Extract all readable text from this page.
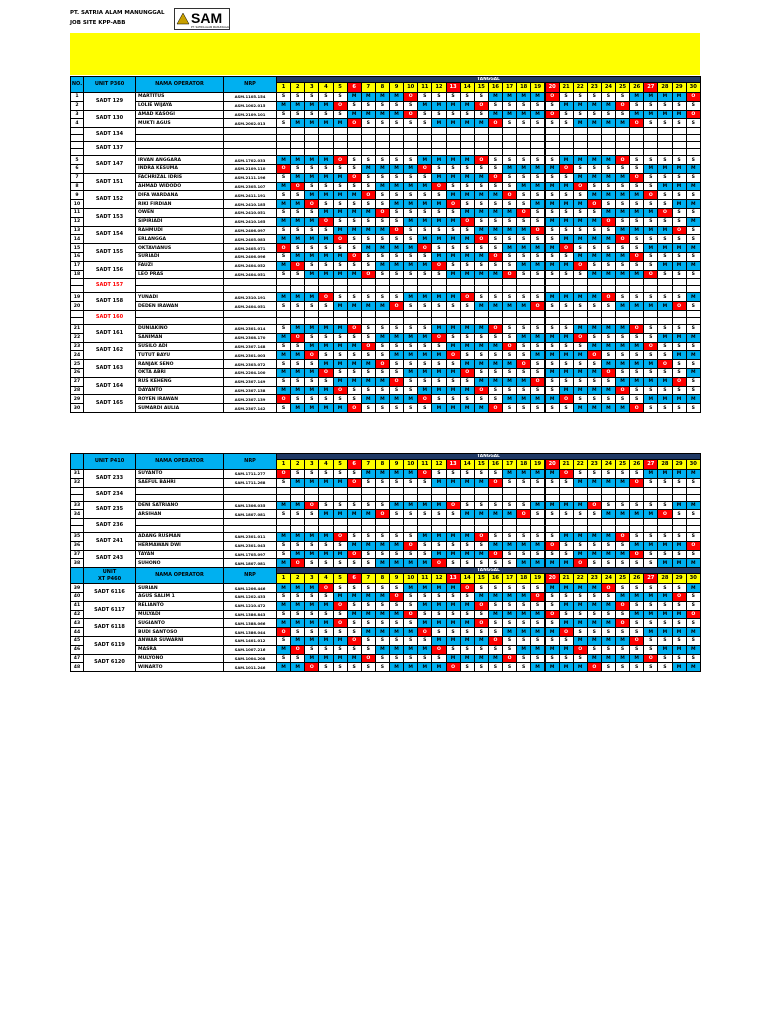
PT. SATRIA ALAM MANUNGGAL
JOB SITE KPP-ABB	SAM
PT. SATRIA ALAM MANUNGGAL
NO.	UNIT P360	NAMA OPERATOR	NRP	TANGGAL																													
				1	2	3	4	5	6	7	8	9	10	11	12	13	14	15	16	17	18	19	20	21	22	23	24	25	26	27	28	29	30
1	SADT 129	MARTITUS	ASM.1105.154	S	S	S	S	S	M	M	M	M	O	S	S	S	S	S	M	M	M	M	O	S	S	S	S	S	M	M	M	M	O
2		LOLIE WIJAYA	ASM.1002.015	M	M	M	M	O	S	S	S	S	S	M	M	M	M	O	S	S	S	S	S	M	M	M	M	O	S	S	S	S	S
3	SADT 130	AMAD KASOGI	ASM.2109.101	S	S	S	S	S	M	M	M	M	O	S	S	S	S	S	M	M	M	M	O	S	S	S	S	S	M	M	M	M	O
4		MUKTI AGUS	ASM.2002.013	S	M	M	M	M	O	S	S	S	S	S	M	M	M	M	O	S	S	S	S	S	M	M	M	M	O	S	S	S	S
	SADT 134																																

	SADT 137																																

5	SADT 147	IRVAN ANGGARA	ASM.1702.033	M	M	M	M	O	S	S	S	S	S	M	M	M	M	O	S	S	S	S	S	M	M	M	M	O	S	S	S	S	S
6		INDRA KESUMA	ASM.2109.110	O	S	S	S	S	S	M	M	M	M	O	S	S	S	S	S	M	M	M	M	O	S	S	S	S	S	M	M	M	M
7	SADT 151	FACHRIZAL IDRIS	ASM.2111.196	S	M	M	M	M	O	S	S	S	S	S	M	M	M	M	O	S	S	S	S	S	M	M	M	M	O	S	S	S	S
8		AHMAD WIDODO	ASM.2305.107	M	O	S	S	S	S	S	M	M	M	M	O	S	S	S	S	S	M	M	M	M	O	S	S	S	S	S	M	M	M
9	SADT 152	DIFA WARDANA	ASM.2411.191	S	S	M	M	M	M	O	S	S	S	S	S	M	M	M	M	O	S	S	S	S	S	M	M	M	M	O	S	S	S
10		RIKI FIRDIAN	ASM.2410.185	M	M	O	S	S	S	S	S	M	M	M	M	O	S	S	S	S	S	M	M	M	M	O	S	S	S	S	S	M	M
11	SADT 153	OWEN	ASM.2410.051	S	S	S	M	M	M	M	O	S	S	S	S	S	M	M	M	M	O	S	S	S	S	S	M	M	M	M	O	S	S
12		SIPIRIADI	ASM.2410.165	M	M	M	O	S	S	S	S	S	M	M	M	M	O	S	S	S	S	S	M	M	M	M	O	S	S	S	S	S	M
13	SADT 154	RAHMUDI	ASM.2406.097	S	S	S	S	M	M	M	M	O	S	S	S	S	S	M	M	M	M	O	S	S	S	S	S	M	M	M	M	O	S
14		ERLANGGA	ASM.2405.083	M	M	M	M	O	S	S	S	S	S	M	M	M	M	O	S	S	S	S	S	M	M	M	M	O	S	S	S	S	S
15	SADT 155	OKTAVIANUS	ASM.2405.071	O	S	S	S	S	S	M	M	M	M	O	S	S	S	S	S	M	M	M	M	O	S	S	S	S	S	M	M	M	M
16		SURIADI	ASM.2406.096	S	M	M	M	M	O	S	S	S	S	S	M	M	M	M	O	S	S	S	S	S	M	M	M	M	O	S	S	S	S
17	SADT 156	FAUZI	ASM.2404.052	M	O	S	S	S	S	S	M	M	M	M	O	S	S	S	S	S	M	M	M	M	O	S	S	S	S	S	M	M	M
18		LEO PRAS	ASM.2404.051	S	S	M	M	M	M	O	S	S	S	S	S	M	M	M	M	O	S	S	S	S	S	M	M	M	M	O	S	S	S
	SADT 157																																

19	SADT 158	YUNADI	ASM.2310.191	M	M	M	O	S	S	S	S	S	M	M	M	M	O	S	S	S	S	S	M	M	M	M	O	S	S	S	S	S	M
20		DEDEN IRAWAN	ASM.2404.051	S	S	S	S	M	M	M	M	O	S	S	S	S	S	M	M	M	M	O	S	S	S	S	S	M	M	M	M	O	S
	SADT 160																																

21	SADT 161	DUNIAKINO	ASM.2301.014	S	M	M	M	M	O	S	S	S	S	S	M	M	M	M	O	S	S	S	S	S	M	M	M	M	O	S	S	S	S
22		SANIMAN	ASM.2308.170	M	O	S	S	S	S	S	M	M	M	M	O	S	S	S	S	S	M	M	M	M	O	S	S	S	S	S	M	M	M
23	SADT 162	SUSILO ADI	ASM.2307.148	S	S	M	M	M	M	O	S	S	S	S	S	M	M	M	M	O	S	S	S	S	S	M	M	M	M	O	S	S	S
24		TUTUT BAYU	ASM.2301.003	M	M	O	S	S	S	S	S	M	M	M	M	O	S	S	S	S	S	M	M	M	M	O	S	S	S	S	S	M	M
25	SADT 163	RANJAK SENO	ASM.2303.072	S	S	S	M	M	M	M	O	S	S	S	S	S	M	M	M	M	O	S	S	S	S	S	M	M	M	M	O	S	S
26		OKTA ABRI	ASM.2204.100	M	M	M	O	S	S	S	S	S	M	M	M	M	O	S	S	S	S	S	M	M	M	M	O	S	S	S	S	S	M
27	SADT 164	RUS KEHENG	ASM.2307.149	S	S	S	S	M	M	M	M	O	S	S	S	S	S	M	M	M	M	O	S	S	S	S	S	M	M	M	M	O	S
28		DAYANTO	ASM.2307.138	M	M	M	M	O	S	S	S	S	S	M	M	M	M	O	S	S	S	S	S	M	M	M	M	O	S	S	S	S	S
29	SADT 165	ROYEN IRAWAN	ASM.2307.139	O	S	S	S	S	S	M	M	M	M	O	S	S	S	S	S	M	M	M	M	O	S	S	S	S	S	M	M	M	M
30		SUMARDI AULIA	ASM.2307.142	S	M	M	M	M	O	S	S	S	S	S	M	M	M	M	O	S	S	S	S	S	M	M	M	M	O	S	S	S	S
	UNIT P410	NAMA OPERATOR	NRP	TANGGAL																													
				1	2	3	4	5	6	7	8	9	10	11	12	13	14	15	16	17	18	19	20	21	22	23	24	25	26	27	28	29	30
31	SADT 233	SUYANTO	SAM.1711.277	O	S	S	S	S	S	M	M	M	M	O	S	S	S	S	S	M	M	M	M	O	S	S	S	S	S	M	M	M	M
32		SAEFUL BAHRI	SAM.1711.268	S	M	M	M	M	O	S	S	S	S	S	M	M	M	M	O	S	S	S	S	S	M	M	M	M	O	S	S	S	S
	SADT 234																																

33	SADT 235	DENI SATRIANO	SAM.1306.035	M	M	O	S	S	S	S	S	M	M	M	M	O	S	S	S	S	S	M	M	M	M	O	S	S	S	S	S	M	M
34		ARSIHAN	SAM.1807.081	S	S	S	M	M	M	M	O	S	S	S	S	S	M	M	M	M	O	S	S	S	S	S	M	M	M	M	O	S	S
	SADT 236																																

35	SADT 241	ADANG RUSMAN	SAM.2301.011	M	M	M	M	O	S	S	S	S	S	M	M	M	M	O	S	S	S	S	S	M	M	M	M	O	S	S	S	S	S
36		HERMAWAN DWI	SAM.2301.043	S	S	S	S	S	M	M	M	M	O	S	S	S	S	S	M	M	M	M	O	S	S	S	S	S	M	M	M	M	O
37	SADT 243	TAYAN	SAM.1705.097	S	M	M	M	M	O	S	S	S	S	S	M	M	M	M	O	S	S	S	S	S	M	M	M	M	O	S	S	S	S
38		SUHONO	SAM.1807.081	M	O	S	S	S	S	S	M	M	M	M	O	S	S	S	S	S	M	M	M	M	O	S	S	S	S	S	M	M	M
	UNIT
XT P460	NAMA OPERATOR	NRP	TANGGAL																													
				1	2	3	4	5	6	7	8	9	10	11	12	13	14	15	16	17	18	19	20	21	22	23	24	25	26	27	28	29	30
39	SADT 6116	SURIAN	SAM.1206.446	M	M	M	O	S	S	S	S	S	M	M	M	M	O	S	S	S	S	S	M	M	M	M	O	S	S	S	S	S	M
40		AGUS SALIM 1	SAM.1202.433	S	S	S	S	M	M	M	M	O	S	S	S	S	S	M	M	M	M	O	S	S	S	S	S	M	M	M	M	O	S
41	SADT 6117	RELIANTO	SAM.1210.472	M	M	M	M	O	S	S	S	S	S	M	M	M	M	O	S	S	S	S	S	M	M	M	M	O	S	S	S	S	S
42		MULYADI	SAM.1386.843	S	S	S	S	S	M	M	M	M	O	S	S	S	S	S	M	M	M	M	O	S	S	S	S	S	M	M	M	M	O
43	SADT 6118	SUGIANTO	SAM.1388.066	M	M	M	M	O	S	S	S	S	S	M	M	M	M	O	S	S	S	S	S	M	M	M	M	O	S	S	S	S	S
44		BUDI SANTOSO	SAM.1386.044	O	S	S	S	S	S	M	M	M	M	O	S	S	S	S	S	M	M	M	M	O	S	S	S	S	S	M	M	M	M
45	SADT 6119	ANWAR SUWARNI	SAM.1401.012	S	M	M	M	M	O	S	S	S	S	S	M	M	M	M	O	S	S	S	S	S	M	M	M	M	O	S	S	S	S
46		MASRA	SAM.1007.216	M	O	S	S	S	S	S	M	M	M	M	O	S	S	S	S	S	M	M	M	M	O	S	S	S	S	S	M	M	M
47	SADT 6120	MULYONO	SAM.1004.208	S	S	M	M	M	M	O	S	S	S	S	S	M	M	M	M	O	S	S	S	S	S	M	M	M	M	O	S	S	S
48		WINARTO	SAM.1011.246	M	M	O	S	S	S	S	S	M	M	M	M	O	S	S	S	S	S	M	M	M	M	O	S	S	S	S	S	M	M
